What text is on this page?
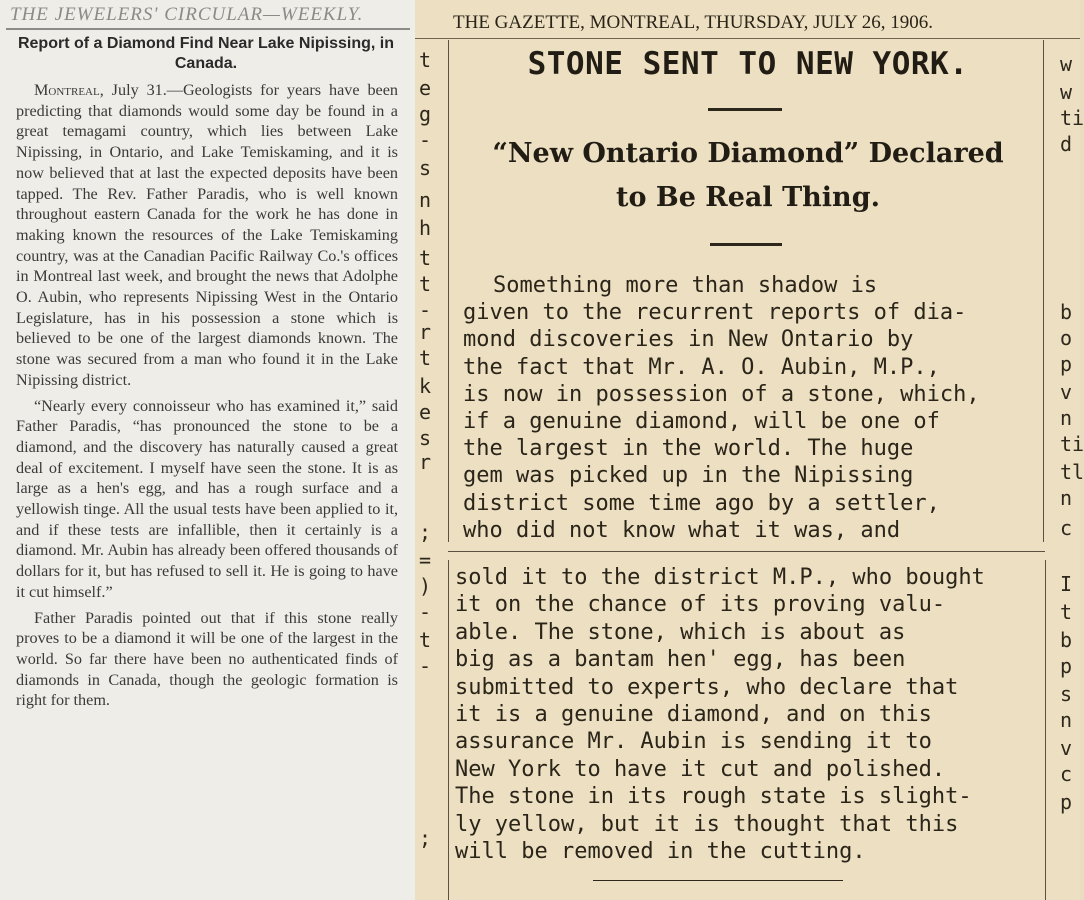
THE JEWELERS' CIRCULAR—WEEKLY.
Report of a Diamond Find Near Lake Nipissing, in Canada.

Montreal, July 31.—Geologists for years have been predicting that diamonds would some day be found in a great temagami country, which lies between Lake Nipissing, in Ontario, and Lake Temiskaming, and it is now believed that at last the expected deposits have been tapped. The Rev. Father Paradis, who is well known throughout eastern Canada for the work he has done in making known the resources of the Lake Temiskaming country, was at the Canadian Pacific Railway Co.'s offices in Montreal last week, and brought the news that Adolphe O. Aubin, who represents Nipissing West in the Ontario Legislature, has in his possession a stone which is believed to be one of the largest diamonds known. The stone was secured from a man who found it in the Lake Nipissing district.

“Nearly every connoisseur who has examined it,” said Father Paradis, “has pronounced the stone to be a diamond, and the discovery has naturally caused a great deal of excitement. I myself have seen the stone. It is as large as a hen's egg, and has a rough surface and a yellowish tinge. All the usual tests have been applied to it, and if these tests are infallible, then it certainly is a diamond. Mr. Aubin has already been offered thousands of dollars for it, but has refused to sell it. He is going to have it cut himself.”

Father Paradis pointed out that if this stone really proves to be a diamond it will be one of the largest in the world. So far there have been no authenticated finds of diamonds in Canada, though the geologic formation is right for them.

THE GAZETTE, MONTREAL, THURSDAY, JULY 26, 1906.
t
e
g
-
s
n
h
t
t
-
r
t
k
e
s
r
;
=
)
-
t
-
;
w
w
ti
d
b
o
p
v
n
ti
tl
n
c
I
t
b
p
s
n
v
c
p
STONE SENT TO NEW YORK.
“New Ontario Diamond” Declared
to Be Real Thing.
Something more than shadow is
given to the recurrent reports of dia-
mond discoveries in New Ontario by
the fact that Mr. A. O. Aubin, M.P.,
is now in possession of a stone, which,
if a genuine diamond, will be one of
the largest in the world. The huge
gem was picked up in the Nipissing
district some time ago by a settler,
who did not know what it was, and
sold it to the district M.P., who bought
it on the chance of its proving valu-
able. The stone, which is about as
big as a bantam hen' egg, has been
submitted to experts, who declare that
it is a genuine diamond, and on this
assurance Mr. Aubin is sending it to
New York to have it cut and polished.
The stone in its rough state is slight-
ly yellow, but it is thought that this
will be removed in the cutting.
